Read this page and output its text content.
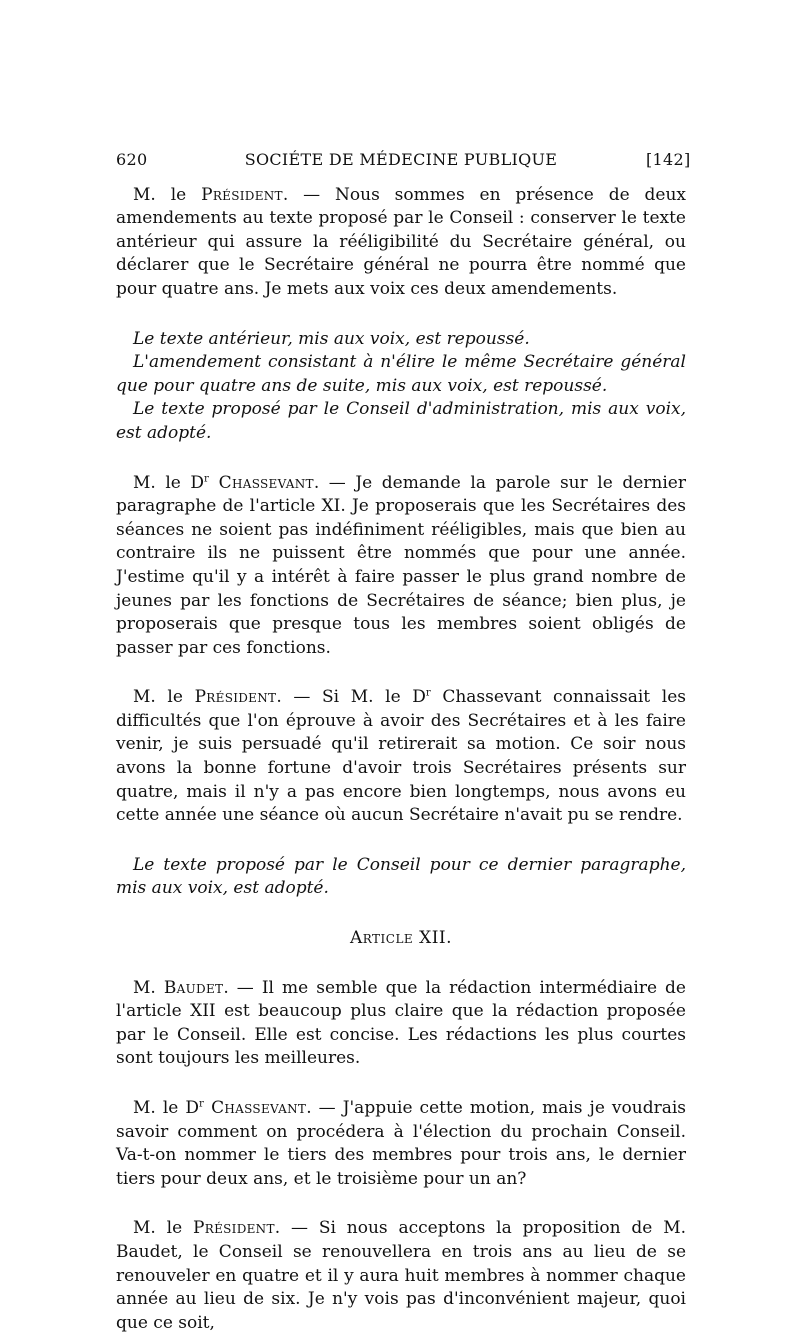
620	SOCIÉTE DE MÉDECINE PUBLIQUE	[142]

M. le Président. — Nous sommes en présence de deux amendements au texte proposé par le Conseil : conserver le texte antérieur qui assure la rééligibilité du Secrétaire général, ou déclarer que le Secrétaire général ne pourra être nommé que pour quatre ans. Je mets aux voix ces deux amendements.

Le texte antérieur, mis aux voix, est repoussé.

L'amendement consistant à n'élire le même Secrétaire général que pour quatre ans de suite, mis aux voix, est repoussé.

Le texte proposé par le Conseil d'administration, mis aux voix, est adopté.

M. le $D^r$ Chassevant. — Je demande la parole sur le dernier paragraphe de l'article XI. Je proposerais que les Secrétaires des séances ne soient pas indéfiniment rééligibles, mais que bien au contraire ils ne puissent être nommés que pour une année. J'estime qu'il y a intérêt à faire passer le plus grand nombre de jeunes par les fonctions de Secrétaires de séance; bien plus, je proposerais que presque tous les membres soient obligés de passer par ces fonctions.

M. le Président. — Si M. le $D^r$ Chassevant connaissait les difficultés que l'on éprouve à avoir des Secrétaires et à les faire venir, je suis persuadé qu'il retirerait sa motion. Ce soir nous avons la bonne fortune d'avoir trois Secrétaires présents sur quatre, mais il n'y a pas encore bien longtemps, nous avons eu cette année une séance où aucun Secrétaire n'avait pu se rendre.

Le texte proposé par le Conseil pour ce dernier paragraphe, mis aux voix, est adopté.

Article XII.

M. Baudet. — Il me semble que la rédaction intermédiaire de l'article XII est beaucoup plus claire que la rédaction proposée par le Conseil. Elle est concise. Les rédactions les plus courtes sont toujours les meilleures.

M. le $D^r$ Chassevant. — J'appuie cette motion, mais je voudrais savoir comment on procédera à l'élection du prochain Conseil. Va-t-on nommer le tiers des membres pour trois ans, le dernier tiers pour deux ans, et le troisième pour un an?

M. le Président. — Si nous acceptons la proposition de M. Baudet, le Conseil se renouvellera en trois ans au lieu de se renouveler en quatre et il y aura huit membres à nommer chaque année au lieu de six. Je n'y vois pas d'inconvénient majeur, quoi que ce soit,
